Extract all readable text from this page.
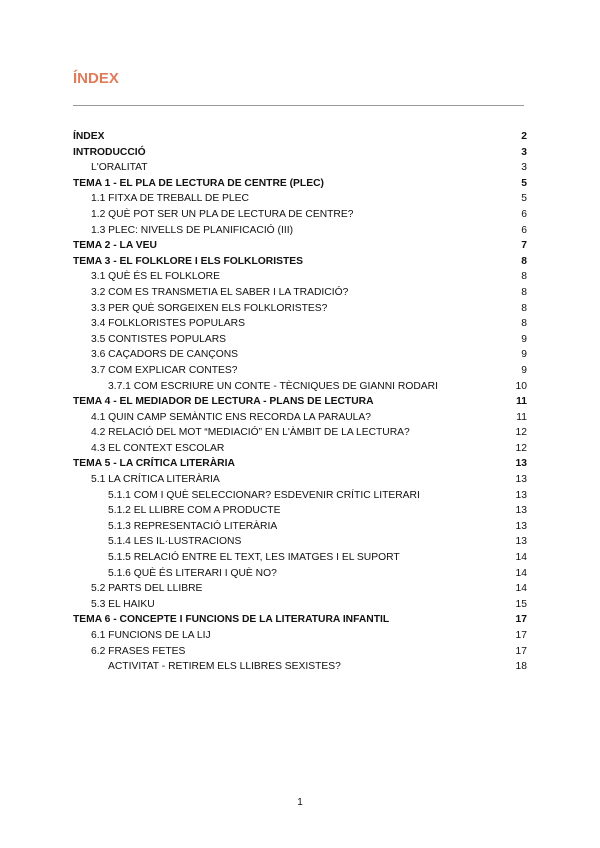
ÍNDEX
ÍNDEX	2
INTRODUCCIÓ	3
L'ORALITAT	3
TEMA 1 - EL PLA DE LECTURA DE CENTRE (PLEC)	5
1.1 FITXA DE TREBALL DE PLEC	5
1.2 QUÈ POT SER UN PLA DE LECTURA DE CENTRE?	6
1.3 PLEC: NIVELLS DE PLANIFICACIÓ (III)	6
TEMA 2 - LA VEU	7
TEMA 3 - EL FOLKLORE I ELS FOLKLORISTES	8
3.1 QUÈ ÉS EL FOLKLORE	8
3.2 COM ES TRANSMETIA EL SABER I LA TRADICIÓ?	8
3.3 PER QUÈ SORGEIXEN ELS FOLKLORISTES?	8
3.4 FOLKLORISTES POPULARS	8
3.5 CONTISTES POPULARS	9
3.6 CAÇADORS DE CANÇONS	9
3.7 COM EXPLICAR CONTES?	9
3.7.1 COM ESCRIURE UN CONTE - TÈCNIQUES DE GIANNI RODARI	10
TEMA 4 - EL MEDIADOR DE LECTURA - PLANS DE LECTURA	11
4.1 QUIN CAMP SEMÀNTIC ENS RECORDA LA PARAULA?	11
4.2 RELACIÓ DEL MOT “MEDIACIÓ” EN L'ÀMBIT DE LA LECTURA?	12
4.3 EL CONTEXT ESCOLAR	12
TEMA 5 - LA CRÍTICA LITERÀRIA	13
5.1 LA CRÍTICA LITERÀRIA	13
5.1.1 COM I QUÈ SELECCIONAR? ESDEVENIR CRÍTIC LITERARI	13
5.1.2 EL LLIBRE COM A PRODUCTE	13
5.1.3 REPRESENTACIÓ LITERÀRIA	13
5.1.4 LES IL·LUSTRACIONS	13
5.1.5 RELACIÓ ENTRE EL TEXT, LES IMATGES I EL SUPORT	14
5.1.6 QUÈ ÉS LITERARI I QUÈ NO?	14
5.2 PARTS DEL LLIBRE	14
5.3 EL HAIKU	15
TEMA 6 - CONCEPTE I FUNCIONS DE LA LITERATURA INFANTIL	17
6.1 FUNCIONS DE LA LIJ	17
6.2 FRASES FETES	17
ACTIVITAT - RETIREM ELS LLIBRES SEXISTES?	18
1
